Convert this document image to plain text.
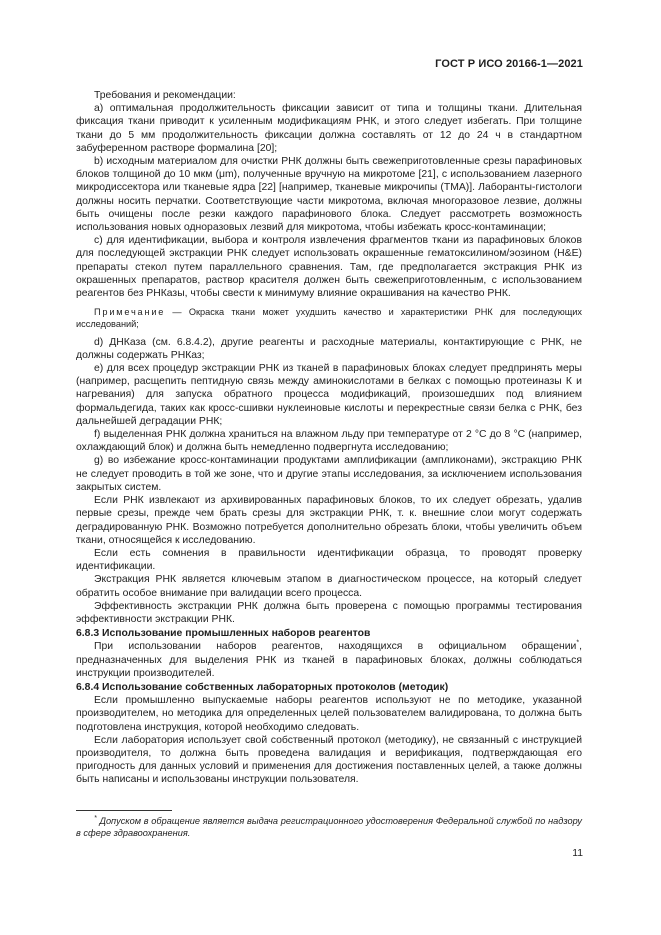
ГОСТ Р ИСО 20166-1—2021

Требования и рекомендации:

a) оптимальная продолжительность фиксации зависит от типа и толщины ткани. Длительная фиксация ткани приводит к усиленным модификациям РНК, и этого следует избегать. При толщине ткани до 5 мм продолжительность фиксации должна составлять от 12 до 24 ч в стандартном забуференном растворе формалина [20];

b) исходным материалом для очистки РНК должны быть свежеприготовленные срезы парафиновых блоков толщиной до 10 мкм (μm), полученные вручную на микротоме [21], с использованием лазерного микродиссектора или тканевые ядра [22] [например, тканевые микрочипы (ТМА)]. Лаборанты-гистологи должны носить перчатки. Соответствующие части микротома, включая многоразовое лезвие, должны быть очищены после резки каждого парафинового блока. Следует рассмотреть возможность использования новых одноразовых лезвий для микротома, чтобы избежать кросс-контаминации;

c) для идентификации, выбора и контроля извлечения фрагментов ткани из парафиновых блоков для последующей экстракции РНК следует использовать окрашенные гематоксилином/эозином (H&E) препараты стекол путем параллельного сравнения. Там, где предполагается экстракция РНК из окрашенных препаратов, раствор красителя должен быть свежеприготовленным, с использованием реагентов без РНКазы, чтобы свести к минимуму влияние окрашивания на качество РНК.

Примечание — Окраска ткани может ухудшить качество и характеристики РНК для последующих исследований;

d) ДНКаза (см. 6.8.4.2), другие реагенты и расходные материалы, контактирующие с РНК, не должны содержать РНКаз;

e) для всех процедур экстракции РНК из тканей в парафиновых блоках следует предпринять меры (например, расщепить пептидную связь между аминокислотами в белках с помощью протеиназы К и нагревания) для запуска обратного процесса модификаций, произошедших под влиянием формальдегида, таких как кросс-сшивки нуклеиновые кислоты и перекрестные связи белка с РНК, без дальнейшей деградации РНК;

f) выделенная РНК должна храниться на влажном льду при температуре от 2 °С до 8 °С (например, охлаждающий блок) и должна быть немедленно подвергнута исследованию;

g) во избежание кросс-контаминации продуктами амплификации (ампликонами), экстракцию РНК не следует проводить в той же зоне, что и другие этапы исследования, за исключением использования закрытых систем.

Если РНК извлекают из архивированных парафиновых блоков, то их следует обрезать, удалив первые срезы, прежде чем брать срезы для экстракции РНК, т. к. внешние слои могут содержать деградированную РНК. Возможно потребуется дополнительно обрезать блоки, чтобы увеличить объем ткани, относящейся к исследованию.

Если есть сомнения в правильности идентификации образца, то проводят проверку идентификации.

Экстракция РНК является ключевым этапом в диагностическом процессе, на который следует обратить особое внимание при валидации всего процесса.

Эффективность экстракции РНК должна быть проверена с помощью программы тестирования эффективности экстракции РНК.

6.8.3 Использование промышленных наборов реагентов

При использовании наборов реагентов, находящихся в официальном обращении*, предназначенных для выделения РНК из тканей в парафиновых блоках, должны соблюдаться инструкции производителей.

6.8.4 Использование собственных лабораторных протоколов (методик)

Если промышленно выпускаемые наборы реагентов используют не по методике, указанной производителем, но методика для определенных целей пользователем валидирована, то должна быть подготовлена инструкция, которой необходимо следовать.

Если лаборатория использует свой собственный протокол (методику), не связанный с инструкцией производителя, то должна быть проведена валидация и верификация, подтверждающая его пригодность для данных условий и применения для достижения поставленных целей, а также должны быть написаны и использованы инструкции пользователя.

* Допуском в обращение является выдача регистрационного удостоверения Федеральной службой по надзору в сфере здравоохранения.
11
